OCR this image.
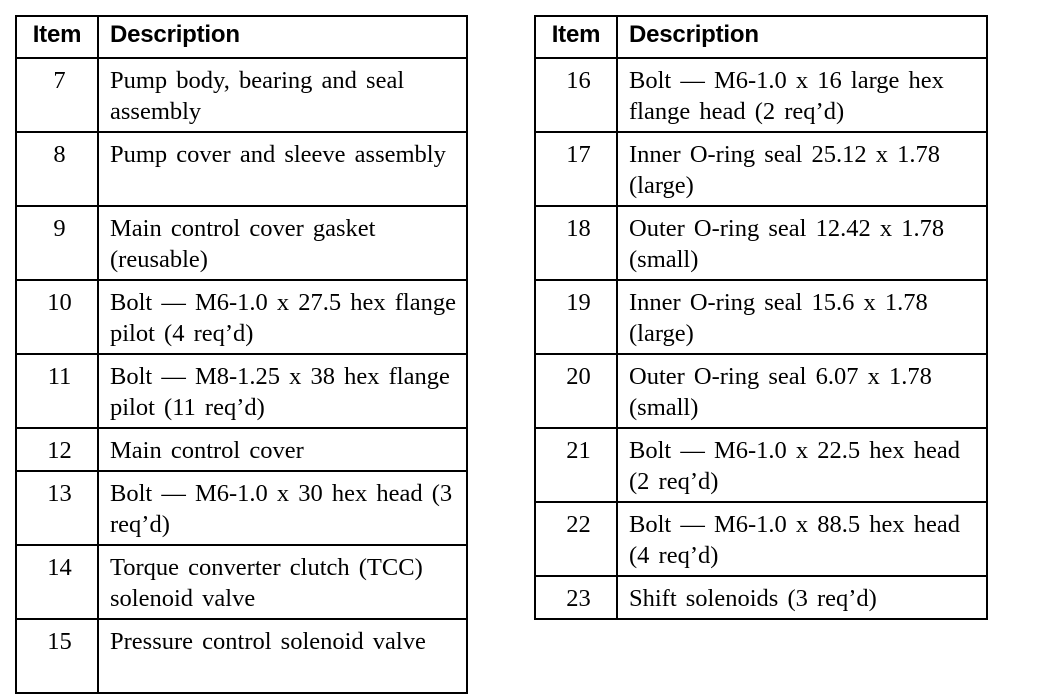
Item	Description
7	Pump body, bearing and seal assembly
8	Pump cover and sleeve assembly
9	Main control cover gasket (reusable)
10	Bolt — M6-1.0 x 27.5 hex flange pilot (4 req’d)
11	Bolt — M8-1.25 x 38 hex flange pilot (11 req’d)
12	Main control cover
13	Bolt — M6-1.0 x 30 hex head (3 req’d)
14	Torque converter clutch (TCC) solenoid valve
15	Pressure control solenoid valve
Item	Description
16	Bolt — M6-1.0 x 16 large hex flange head (2 req’d)
17	Inner O-ring seal 25.12 x 1.78 (large)
18	Outer O-ring seal 12.42 x 1.78 (small)
19	Inner O-ring seal 15.6 x 1.78 (large)
20	Outer O-ring seal 6.07 x 1.78 (small)
21	Bolt — M6-1.0 x 22.5 hex head (2 req’d)
22	Bolt — M6-1.0 x 88.5 hex head (4 req’d)
23	Shift solenoids (3 req’d)
